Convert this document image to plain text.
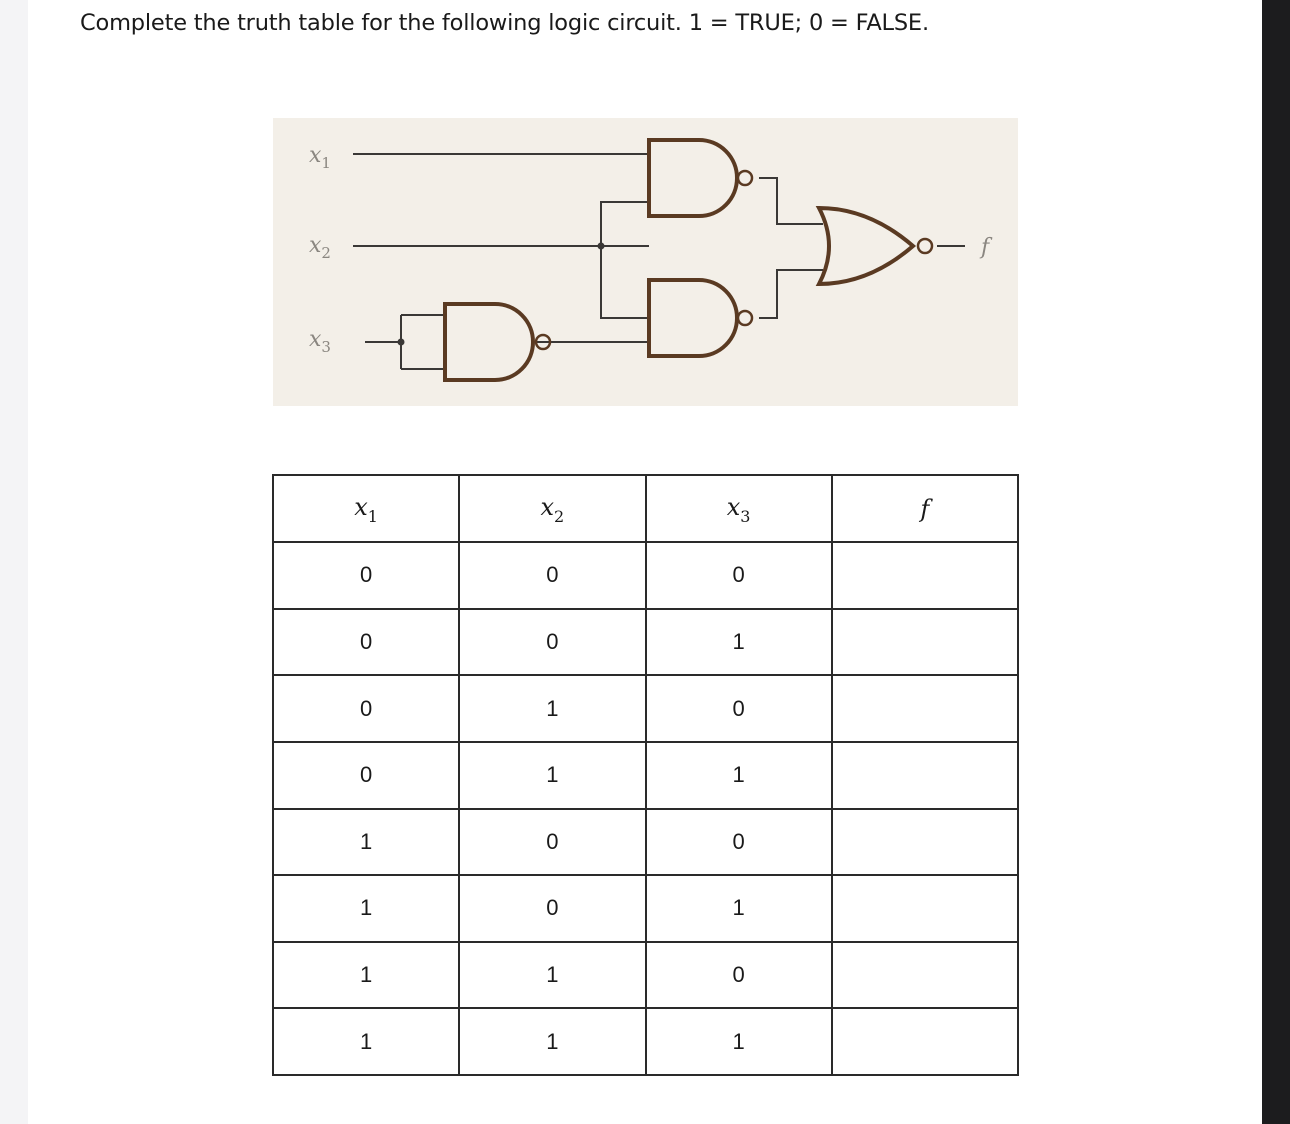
Complete the truth table for the following logic circuit. 1 = TRUE; 0 = FALSE.
$x_1$
$x_2$
$x_3$
f
$x_1$	$x_2$	$x_3$	f
0	0	0	
0	0	1	
0	1	0	
0	1	1	
1	0	0	
1	0	1	
1	1	0	
1	1	1	
